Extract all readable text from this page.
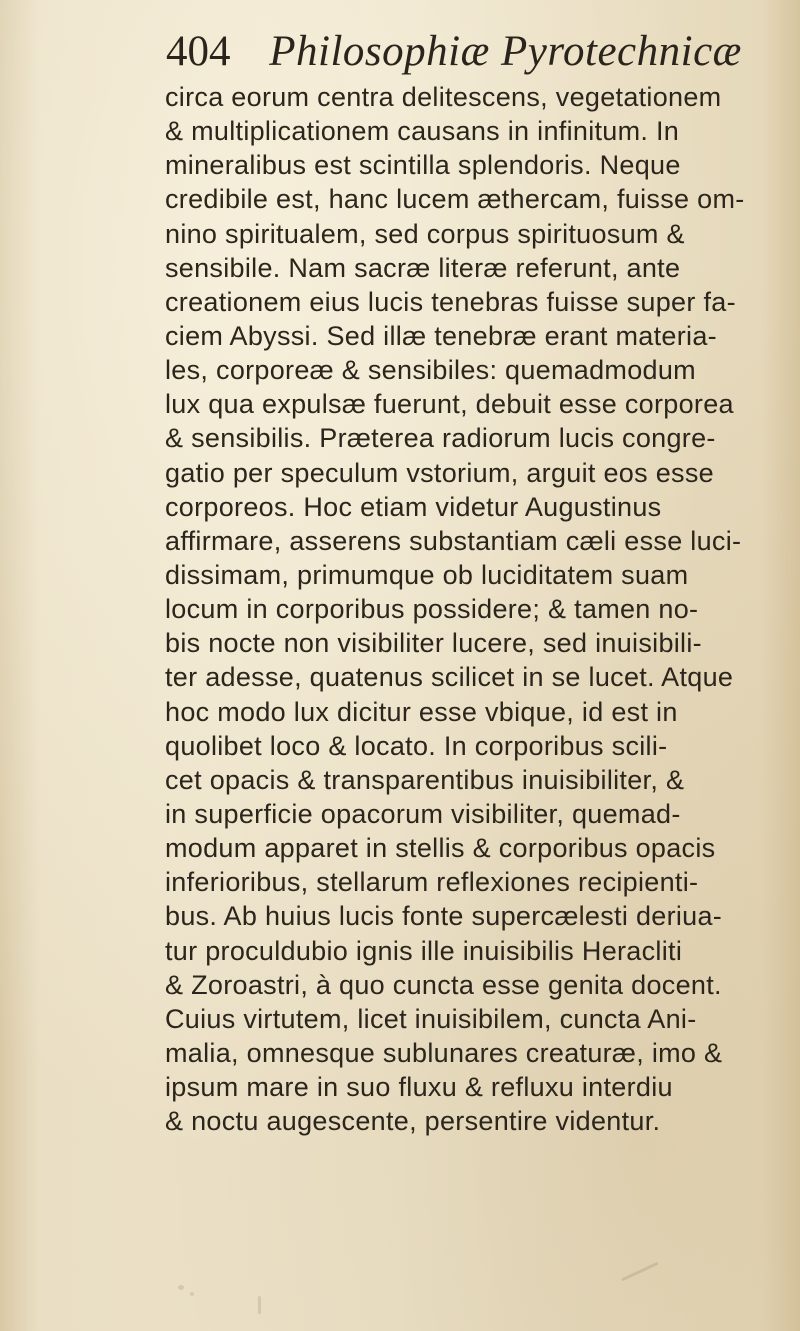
404 Philosophiæ Pyrotechnicæ
circa eorum centra delitescens, vegetationem
& multiplicationem causans in infinitum. In
mineralibus est scintilla splendoris. Neque
credibile est, hanc lucem æthercam, fuisse om-
nino spiritualem, sed corpus spirituosum &
sensibile. Nam sacræ literæ referunt, ante
creationem eius lucis tenebras fuisse super fa-
ciem Abyssi. Sed illæ tenebræ erant materia-
les, corporeæ & sensibiles: quemadmodum
lux qua expulsæ fuerunt, debuit esse corporea
& sensibilis. Præterea radiorum lucis congre-
gatio per speculum vstorium, arguit eos esse
corporeos. Hoc etiam videtur Augustinus
affirmare, asserens substantiam cæli esse luci-
dissimam, primumque ob luciditatem suam
locum in corporibus possidere; & tamen no-
bis nocte non visibiliter lucere, sed inuisibili-
ter adesse, quatenus scilicet in se lucet. Atque
hoc modo lux dicitur esse vbique, id est in
quolibet loco & locato. In corporibus scili-
cet opacis & transparentibus inuisibiliter, &
in superficie opacorum visibiliter, quemad-
modum apparet in stellis & corporibus opacis
inferioribus, stellarum reflexiones recipienti-
bus. Ab huius lucis fonte supercælesti deriua-
tur proculdubio ignis ille inuisibilis Heracliti
& Zoroastri, à quo cuncta esse genita docent.
Cuius virtutem, licet inuisibilem, cuncta Ani-
malia, omnesque sublunares creaturæ, imo &
ipsum mare in suo fluxu & refluxu interdiu
& noctu augescente, persentire videntur.
